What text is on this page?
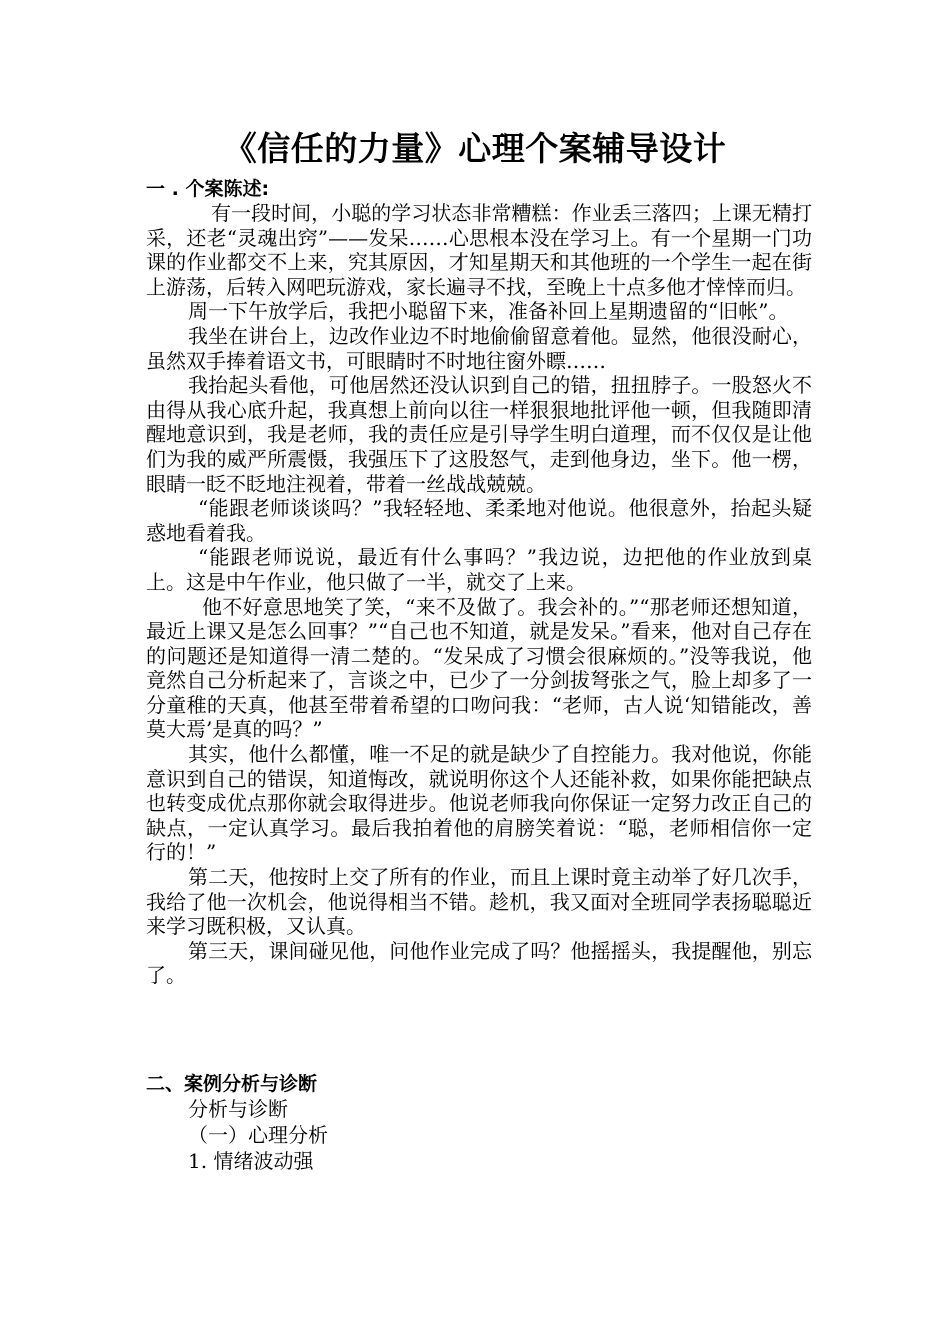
《信任的力量》心理个案辅导设计
一 . 个案陈述:

有一段时间，小聪的学习状态非常糟糕：作业丢三落四；上课无精打采，还老“灵魂出窍”——发呆……心思根本没在学习上。有一个星期一门功课的作业都交不上来，究其原因，才知星期天和其他班的一个学生一起在街上游荡，后转入网吧玩游戏，家长遍寻不找，至晚上十点多他才悻悻而归。

周一下午放学后，我把小聪留下来，准备补回上星期遗留的“旧帐”。

我坐在讲台上，边改作业边不时地偷偷留意着他。显然，他很没耐心，虽然双手捧着语文书，可眼睛时不时地往窗外瞟……

我抬起头看他，可他居然还没认识到自己的错，扭扭脖子。一股怒火不由得从我心底升起，我真想上前向以往一样狠狠地批评他一顿，但我随即清醒地意识到，我是老师，我的责任应是引导学生明白道理，而不仅仅是让他们为我的威严所震慑，我强压下了这股怒气，走到他身边，坐下。他一楞，眼睛一眨不眨地注视着，带着一丝战战兢兢。

“能跟老师谈谈吗？”我轻轻地、柔柔地对他说。他很意外，抬起头疑惑地看着我。

“能跟老师说说，最近有什么事吗？”我边说，边把他的作业放到桌上。这是中午作业，他只做了一半，就交了上来。

他不好意思地笑了笑，“来不及做了。我会补的。”“那老师还想知道，最近上课又是怎么回事？”“自己也不知道，就是发呆。”看来，他对自己存在的问题还是知道得一清二楚的。“发呆成了习惯会很麻烦的。”没等我说，他竟然自己分析起来了，言谈之中，已少了一分剑拔弩张之气，脸上却多了一分童稚的天真，他甚至带着希望的口吻问我：“老师，古人说‘知错能改，善莫大焉’是真的吗？”

其实，他什么都懂，唯一不足的就是缺少了自控能力。我对他说，你能意识到自己的错误，知道悔改，就说明你这个人还能补救，如果你能把缺点也转变成优点那你就会取得进步。他说老师我向你保证一定努力改正自己的缺点，一定认真学习。最后我拍着他的肩膀笑着说：“聪，老师相信你一定行的！”

第二天，他按时上交了所有的作业，而且上课时竟主动举了好几次手，我给了他一次机会，他说得相当不错。趁机，我又面对全班同学表扬聪聪近来学习既积极，又认真。

第三天，课间碰见他，问他作业完成了吗？他摇摇头，我提醒他，别忘了。

二、案例分析与诊断
分析与诊断
（一）心理分析
1. 情绪波动强
